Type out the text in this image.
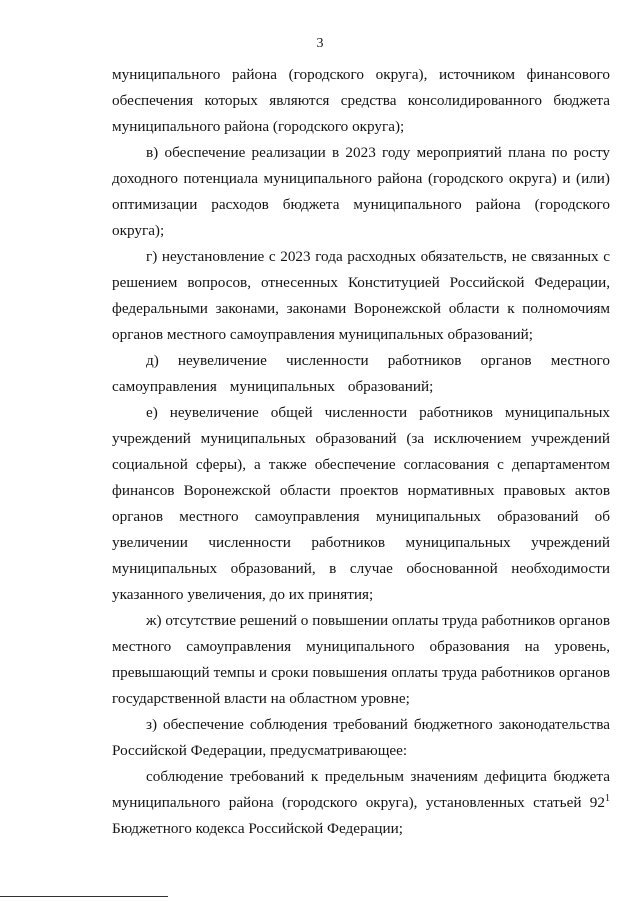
3

муниципального района (городского округа), источником финансового обеспечения которых являются средства консолидированного бюджета муниципального района (городского округа);

в) обеспечение реализации в 2023 году мероприятий плана по росту доходного потенциала муниципального района (городского округа) и (или) оптимизации расходов бюджета муниципального района (городского округа);

г) неустановление с 2023 года расходных обязательств, не связанных с решением вопросов, отнесенных Конституцией Российской Федерации, федеральными законами, законами Воронежской области к полномочиям органов местного самоуправления муниципальных образований;

д) неувеличение численности работников органов местного самоуправления муниципальных образований;

е) неувеличение общей численности работников муниципальных учреждений муниципальных образований (за исключением учреждений социальной сферы), а также обеспечение согласования с департаментом финансов Воронежской области проектов нормативных правовых актов органов местного самоуправления муниципальных образований об увеличении численности работников муниципальных учреждений муниципальных образований, в случае обоснованной необходимости указанного увеличения, до их принятия;

ж) отсутствие решений о повышении оплаты труда работников органов местного самоуправления муниципального образования на уровень, превышающий темпы и сроки повышения оплаты труда работников органов государственной власти на областном уровне;

з) обеспечение соблюдения требований бюджетного законодательства Российской Федерации, предусматривающее:

соблюдение требований к предельным значениям дефицита бюджета муниципального района (городского округа), установленных статьей $92^1$ Бюджетного кодекса Российской Федерации;
